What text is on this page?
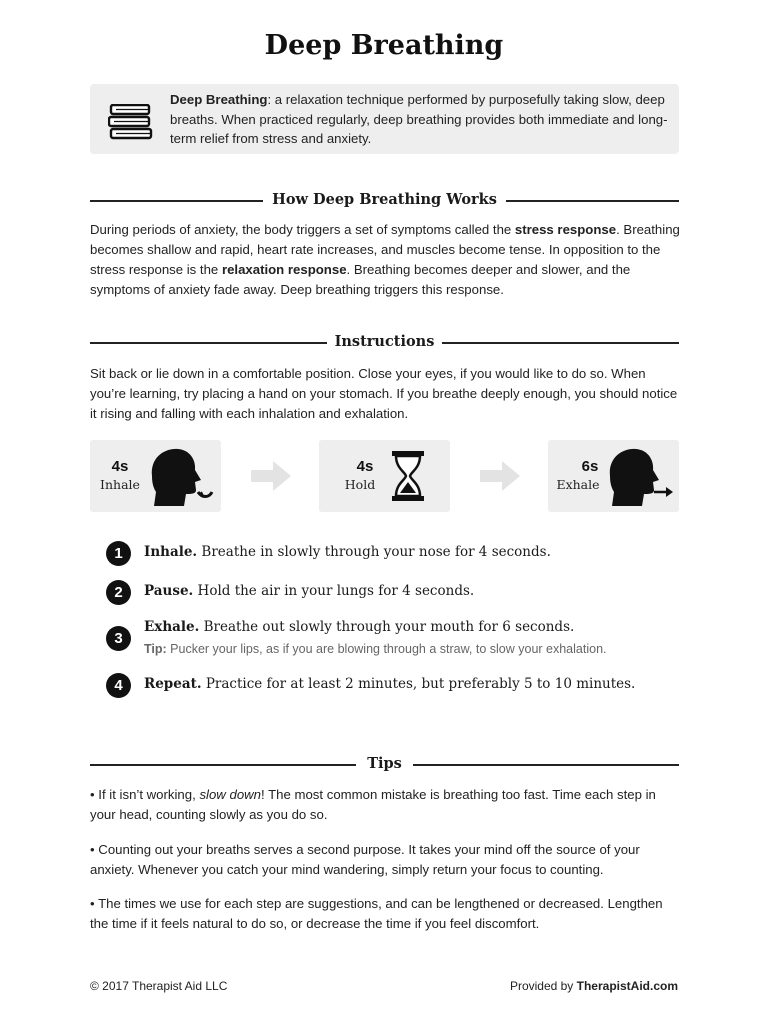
Deep Breathing
Deep Breathing: a relaxation technique performed by purposefully taking slow, deep breaths. When practiced regularly, deep breathing provides both immediate and long-term relief from stress and anxiety.
How Deep Breathing Works
During periods of anxiety, the body triggers a set of symptoms called the stress response. Breathing becomes shallow and rapid, heart rate increases, and muscles become tense. In opposition to the stress response is the relaxation response. Breathing becomes deeper and slower, and the symptoms of anxiety fade away. Deep breathing triggers this response.
Instructions
Sit back or lie down in a comfortable position. Close your eyes, if you would like to do so. When you’re learning, try placing a hand on your stomach. If you breathe deeply enough, you should notice it rising and falling with each inhalation and exhalation.
4s
Inhale
4s
Hold
6s
Exhale
1	Inhale. Breathe in slowly through your nose for 4 seconds.
2	Pause. Hold the air in your lungs for 4 seconds.
3
Exhale. Breathe out slowly through your mouth for 6 seconds.
Tip: Pucker your lips, as if you are blowing through a straw, to slow your exhalation.
4	Repeat. Practice for at least 2 minutes, but preferably 5 to 10 minutes.
Tips
• If it isn’t working, slow down! The most common mistake is breathing too fast. Time each step in your head, counting slowly as you do so.
• Counting out your breaths serves a second purpose. It takes your mind off the source of your anxiety. Whenever you catch your mind wandering, simply return your focus to counting.
• The times we use for each step are suggestions, and can be lengthened or decreased. Lengthen the time if it feels natural to do so, or decrease the time if you feel discomfort.
© 2017 Therapist Aid LLC	Provided by TherapistAid.com
